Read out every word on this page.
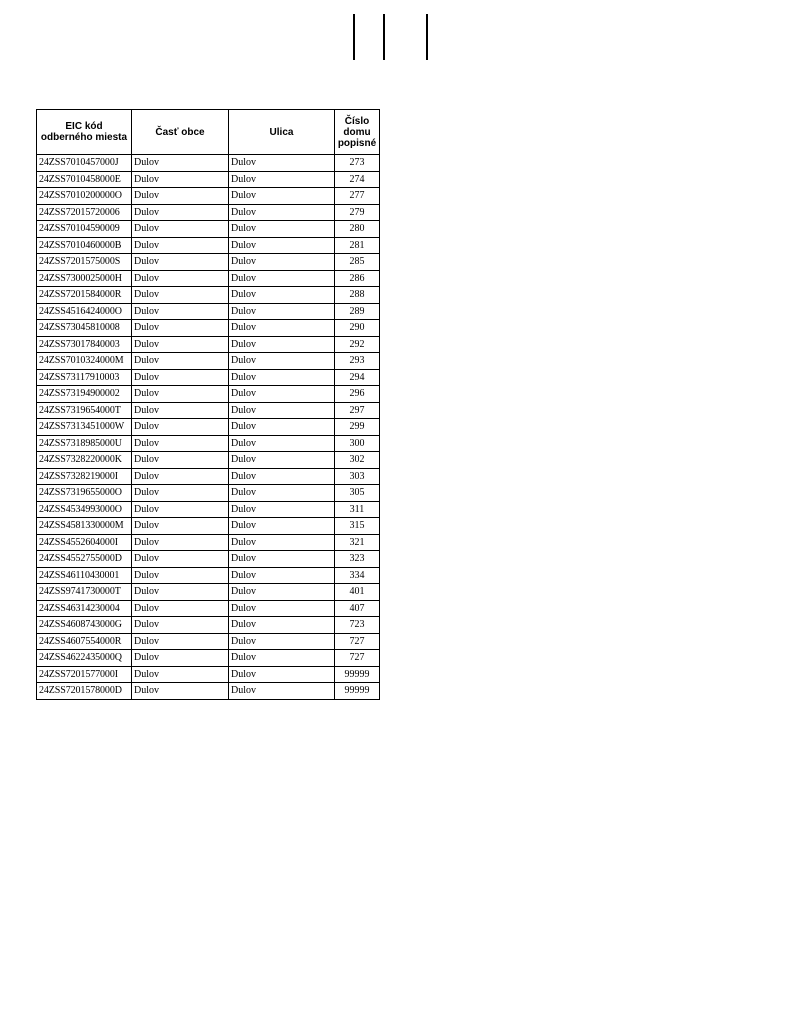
EIC kód odberného miesta	Časť obce	Ulica	Číslo domu popisné
24ZSS7010457000J	Dulov	Dulov	273
24ZSS7010458000E	Dulov	Dulov	274
24ZSS7010200000O	Dulov	Dulov	277
24ZSS72015720006	Dulov	Dulov	279
24ZSS70104590009	Dulov	Dulov	280
24ZSS7010460000B	Dulov	Dulov	281
24ZSS7201575000S	Dulov	Dulov	285
24ZSS7300025000H	Dulov	Dulov	286
24ZSS7201584000R	Dulov	Dulov	288
24ZSS4516424000O	Dulov	Dulov	289
24ZSS73045810008	Dulov	Dulov	290
24ZSS73017840003	Dulov	Dulov	292
24ZSS7010324000M	Dulov	Dulov	293
24ZSS73117910003	Dulov	Dulov	294
24ZSS73194900002	Dulov	Dulov	296
24ZSS7319654000T	Dulov	Dulov	297
24ZSS7313451000W	Dulov	Dulov	299
24ZSS7318985000U	Dulov	Dulov	300
24ZSS7328220000K	Dulov	Dulov	302
24ZSS7328219000I	Dulov	Dulov	303
24ZSS7319655000O	Dulov	Dulov	305
24ZSS4534993000O	Dulov	Dulov	311
24ZSS4581330000M	Dulov	Dulov	315
24ZSS4552604000I	Dulov	Dulov	321
24ZSS4552755000D	Dulov	Dulov	323
24ZSS46110430001	Dulov	Dulov	334
24ZSS9741730000T	Dulov	Dulov	401
24ZSS46314230004	Dulov	Dulov	407
24ZSS4608743000G	Dulov	Dulov	723
24ZSS4607554000R	Dulov	Dulov	727
24ZSS4622435000Q	Dulov	Dulov	727
24ZSS7201577000I	Dulov	Dulov	99999
24ZSS7201578000D	Dulov	Dulov	99999
